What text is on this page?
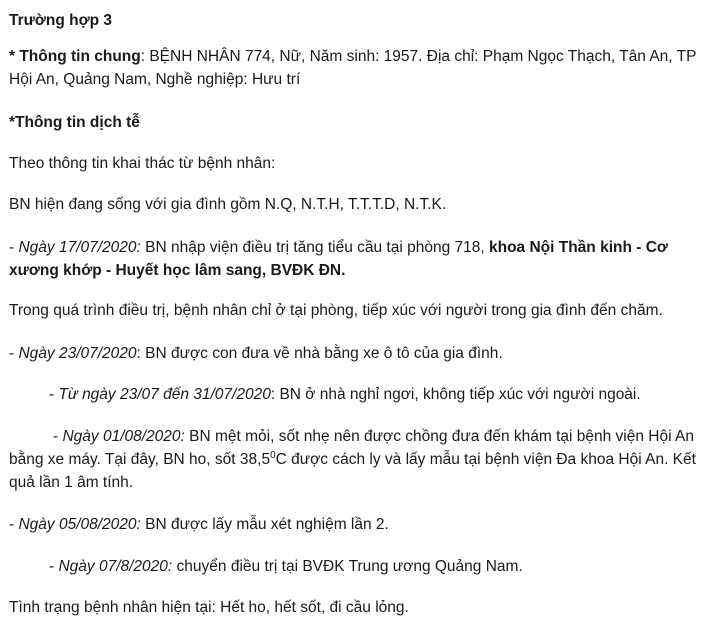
Trường hợp 3

* Thông tin chung: BỆNH NHÂN 774, Nữ, Năm sinh: 1957. Địa chỉ: Phạm Ngọc Thạch, Tân An, TP Hội An, Quảng Nam, Nghề nghiệp: Hưu trí

*Thông tin dịch tễ

Theo thông tin khai thác từ bệnh nhân:

BN hiện đang sống với gia đình gồm N.Q, N.T.H, T.T.T.D, N.T.K.

- Ngày 17/07/2020: BN nhập viện điều trị tăng tiểu cầu tại phòng 718, khoa Nội Thần kinh - Cơ xương khớp - Huyết học lâm sang, BVĐK ĐN.

Trong quá trình điều trị, bệnh nhân chỉ ở tại phòng, tiếp xúc với người trong gia đình đến chăm.

- Ngày 23/07/2020: BN được con đưa về nhà bằng xe ô tô của gia đình.

- Từ ngày 23/07 đến 31/07/2020: BN ở nhà nghỉ ngơi, không tiếp xúc với người ngoài.

- Ngày 01/08/2020: BN mệt mỏi, sốt nhẹ nên được chồng đưa đến khám tại bệnh viện Hội An bằng xe máy. Tại đây, BN ho, sốt 38,5$^0$C được cách ly và lấy mẫu tại bệnh viện Đa khoa Hội An. Kết quả lần 1 âm tính.

- Ngày 05/08/2020: BN được lấy mẫu xét nghiệm lần 2.

- Ngày 07/8/2020: chuyển điều trị tại BVĐK Trung ương Quảng Nam.

Tình trạng bệnh nhân hiện tại: Hết ho, hết sốt, đi cầu lỏng.
